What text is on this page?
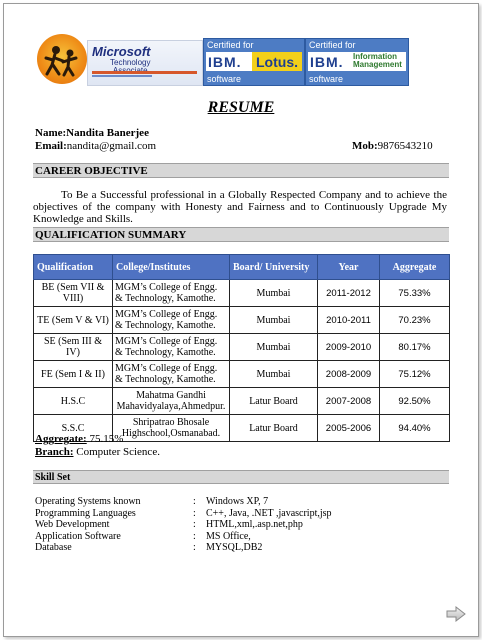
Microsoft
Technology
Certified for
IBM. Lotus.
software
Certified for
IBM. Information
Management
software
RESUME
Name:Nandita Banerjee
Email:nandita@gmail.com	Mob:9876543210
CAREER OBJECTIVE
To Be a Successful professional in a Globally Respected Company and to achieve the objectives of the company with Honesty and Fairness and to Continuously Upgrade My Knowledge and Skills.
QUALIFICATION SUMMARY
Qualification	College/Institutes	Board/ University	Year	Aggregate
BE (Sem VII & VIII)	MGM’s College of Engg. & Technology, Kamothe.	Mumbai	2011-2012	75.33%
TE (Sem V & VI)	MGM’s College of Engg. & Technology, Kamothe.	Mumbai	2010-2011	70.23%
SE (Sem III & IV)	MGM’s College of Engg. & Technology, Kamothe.	Mumbai	2009-2010	80.17%
FE (Sem I & II)	MGM’s College of Engg. & Technology, Kamothe.	Mumbai	2008-2009	75.12%
H.S.C	Mahatma Gandhi Mahavidyalaya,Ahmedpur.	Latur Board	2007-2008	92.50%
S.S.C	Shripatrao Bhosale Highschool,Osmanabad.	Latur Board	2005-2006	94.40%
Aggregate: 75.15%
Branch: Computer Science.
Skill Set
Operating Systems known	: Windows XP, 7
Programming Languages	: C++, Java, .NET ,javascript,jsp
Web Development	: HTML,xml,.asp.net,php
Application Software	: MS Office,
Database	: MYSQL,DB2
